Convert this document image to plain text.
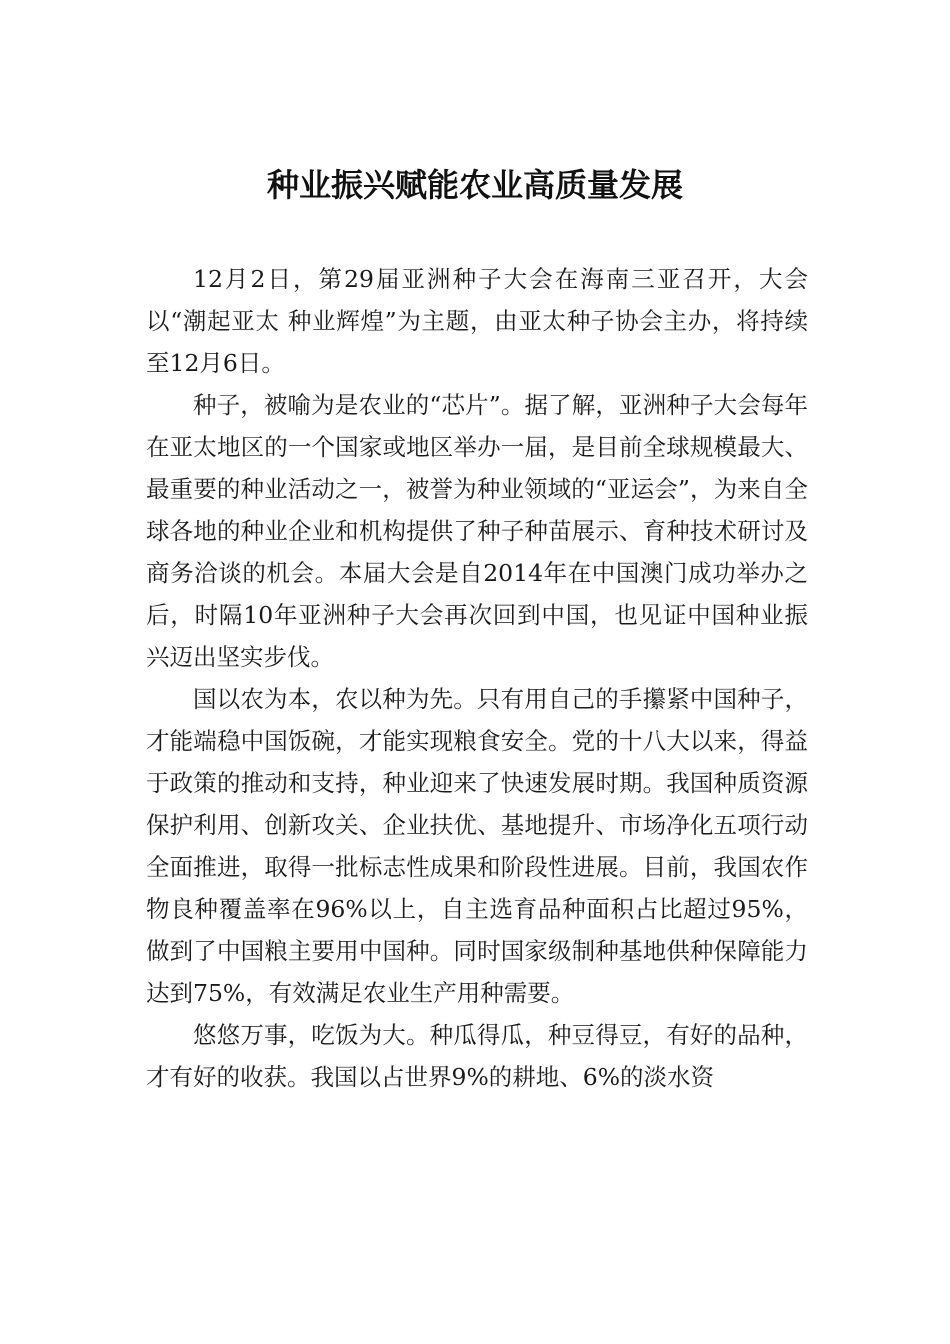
种业振兴赋能农业高质量发展

12月2日，第29届亚洲种子大会在海南三亚召开，大会以“潮起亚太 种业辉煌”为主题，由亚太种子协会主办，将持续至12月6日。

种子，被喻为是农业的“芯片”。据了解，亚洲种子大会每年在亚太地区的一个国家或地区举办一届，是目前全球规模最大、最重要的种业活动之一，被誉为种业领域的“亚运会”，为来自全球各地的种业企业和机构提供了种子种苗展示、育种技术研讨及商务洽谈的机会。本届大会是自2014年在中国澳门成功举办之后，时隔10年亚洲种子大会再次回到中国，也见证中国种业振兴迈出坚实步伐。

国以农为本，农以种为先。只有用自己的手攥紧中国种子，才能端稳中国饭碗，才能实现粮食安全。党的十八大以来，得益于政策的推动和支持，种业迎来了快速发展时期。我国种质资源保护利用、创新攻关、企业扶优、基地提升、市场净化五项行动全面推进，取得一批标志性成果和阶段性进展。目前，我国农作物良种覆盖率在96%以上，自主选育品种面积占比超过95%，做到了中国粮主要用中国种。同时国家级制种基地供种保障能力达到75%，有效满足农业生产用种需要。

悠悠万事，吃饭为大。种瓜得瓜，种豆得豆，有好的品种，才有好的收获。我国以占世界9%的耕地、6%的淡水资
